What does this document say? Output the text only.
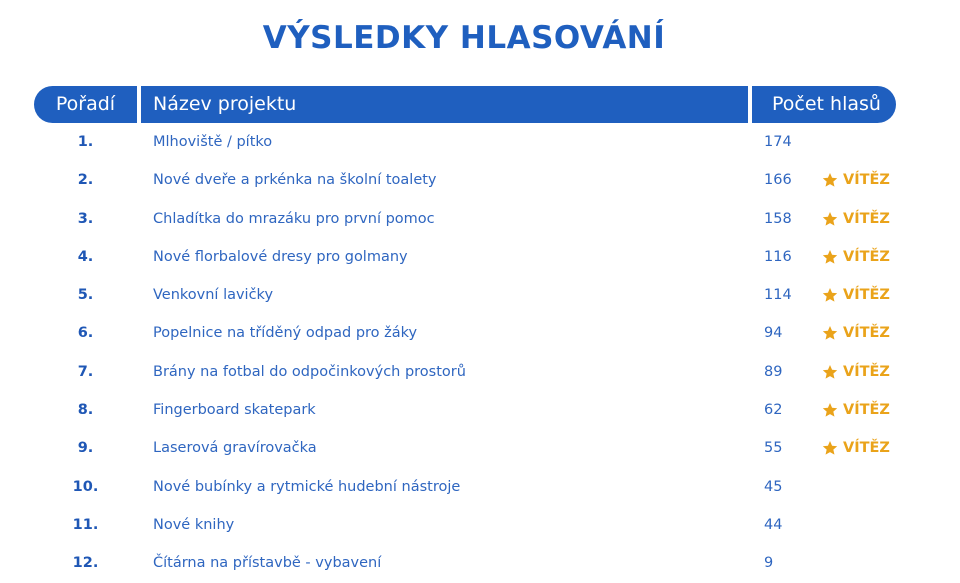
VÝSLEDKY HLASOVÁNÍ
Pořadí	Název projektu	Počet hlasů
1.	Mlhoviště / pítko	174
2.	Nové dveře a prkénka na školní toalety	166	VÍTĚZ
3.	Chladítka do mrazáku pro první pomoc	158	VÍTĚZ
4.	Nové florbalové dresy pro golmany	116	VÍTĚZ
5.	Venkovní lavičky	114	VÍTĚZ
6.	Popelnice na tříděný odpad pro žáky	94	VÍTĚZ
7.	Brány na fotbal do odpočinkových prostorů	89	VÍTĚZ
8.	Fingerboard skatepark	62	VÍTĚZ
9.	Laserová gravírovačka	55	VÍTĚZ
10.	Nové bubínky a rytmické hudební nástroje	45
11.	Nové knihy	44
12.	Čítárna na přístavbě - vybavení	9
